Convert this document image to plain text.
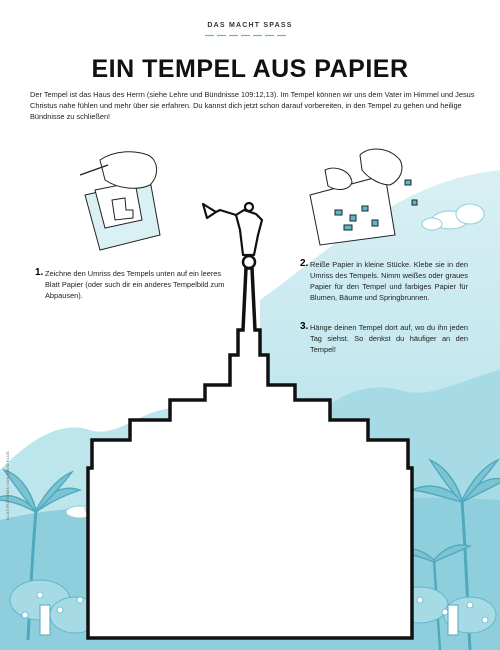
DAS MACHT SPASS
EIN TEMPEL AUS PAPIER
Der Tempel ist das Haus des Herrn (siehe Lehre und Bündnisse 109:12,13). Im Tempel können wir uns dem Vater im Himmel und Jesus Christus nahe fühlen und mehr über sie erfahren. Du kannst dich jetzt schon darauf vorbereiten, in den Tempel zu gehen und heilige Bündnisse zu schließen!
1. Zeichne den Umriss des Tempels unten auf ein leeres Blatt Papier (oder such dir ein anderes Tempelbild zum Abpausen).
2. Reiße Papier in kleine Stücke. Klebe sie in den Umriss des Tempels. Nimm weißes oder graues Papier für den Tempel und farbiges Papier für Blumen, Bäume und Springbrunnen.
3. Hänge deinen Tempel dort auf, wo du ihn jeden Tag siehst. So denkst du häufiger an den Tempel!
ILLUSTRATIONEN VON DAVID KLUG
